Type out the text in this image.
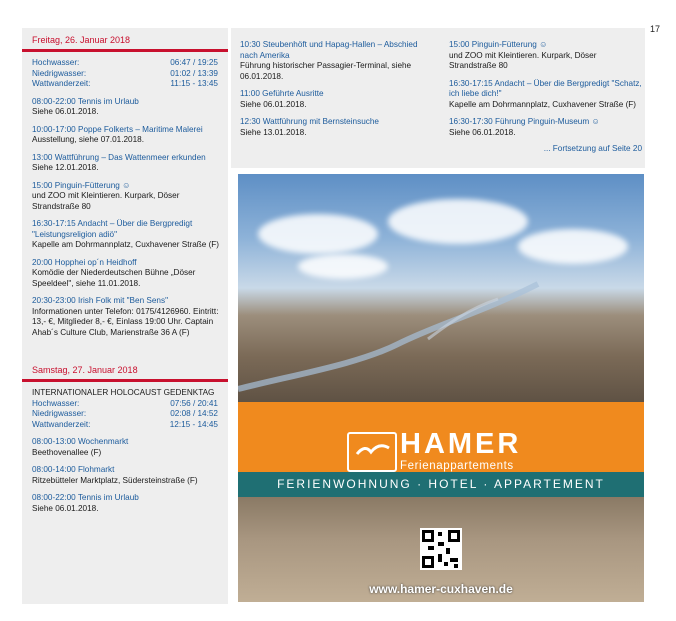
17
Freitag, 26. Januar 2018
Hochwasser:	06:47 / 19:25
Niedrigwasser:	01:02 / 13:39
Wattwanderzeit:	11:15 - 13:45
08:00-22:00 Tennis im Urlaub
Siehe 06.01.2018.
10:00-17:00 Poppe Folkerts – Maritime Malerei
Ausstellung, siehe 07.01.2018.
13:00 Wattführung – Das Wattenmeer erkunden
Siehe 12.01.2018.
15:00 Pinguin-Fütterung ☺
und ZOO mit Kleintieren. Kurpark, Döser Strandstraße 80
16:30-17:15 Andacht – Über die Bergpredigt "Leistungsreligion adiö"
Kapelle am Dohrmannplatz, Cuxhavener Straße (F)
20:00 Hopphei op´n Heidhoff
Komödie der Niederdeutschen Bühne „Döser Speeldeel", siehe 11.01.2018.
20:30-23:00 Irish Folk mit "Ben Sens"
Informationen unter Telefon: 0175/4126960. Eintritt: 13,- €, Mitglieder 8,- €, Einlass 19:00 Uhr. Captain Ahab´s Culture Club, Marienstraße 36 A (F)
Samstag, 27. Januar 2018
INTERNATIONALER HOLOCAUST GEDENKTAG
Hochwasser:	07:56 / 20:41
Niedrigwasser:	02:08 / 14:52
Wattwanderzeit:	12:15 - 14:45
08:00-13:00 Wochenmarkt
Beethovenallee (F)
08:00-14:00 Flohmarkt
Ritzebütteler Marktplatz, Südersteinstraße (F)
08:00-22:00 Tennis im Urlaub
Siehe 06.01.2018.
10:30 Steubenhöft und Hapag-Hallen – Abschied nach Amerika
Führung historischer Passagier-Terminal, siehe 06.01.2018.
11:00 Geführte Ausritte
Siehe 06.01.2018.
12:30 Wattführung mit Bernsteinsuche
Siehe 13.01.2018.
15:00 Pinguin-Fütterung ☺
und ZOO mit Kleintieren. Kurpark, Döser Strandstraße 80
16:30-17:15 Andacht – Über die Bergpredigt "Schatz, ich liebe dich!"
Kapelle am Dohrmannplatz, Cuxhavener Straße (F)
16:30-17:30 Führung Pinguin-Museum ☺
Siehe 06.01.2018.
... Fortsetzung auf Seite 20
HAMER
Ferienappartements
FERIENWOHNUNG · HOTEL · APPARTEMENT
www.hamer-cuxhaven.de
